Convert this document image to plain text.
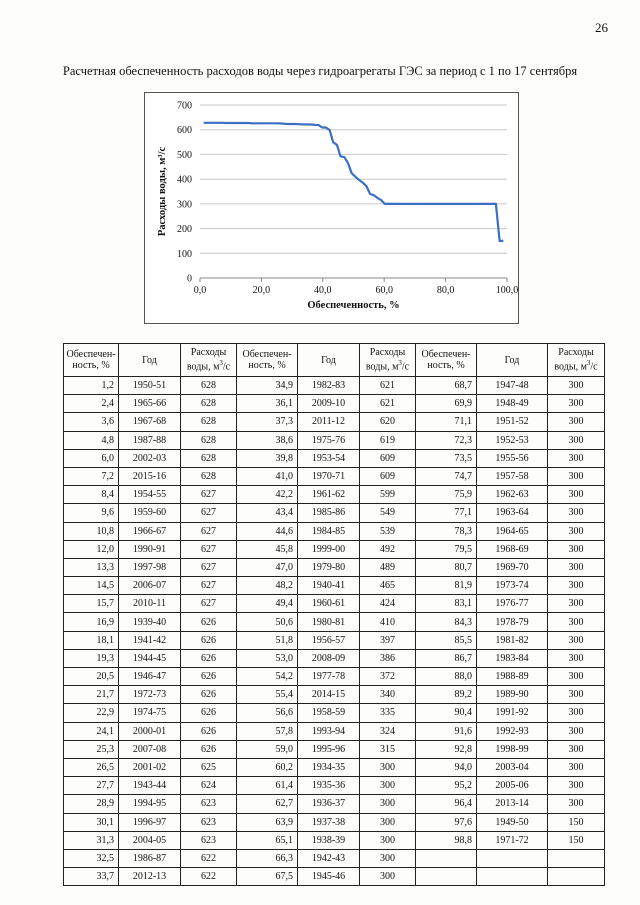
26
Расчетная обеспеченность расходов воды через гидроагрегаты ГЭС за период с 1 по 17 сентября
0
100
200
300
400
500
600
700
0,0	20,0	40,0	60,0	80,0	100,0
Обеспеченность, %
Расходы воды, м³/с
Обеспечен-ность, %	Год	Расходы воды, $м^3/с$	Обеспечен-ность, %	Год	Расходы воды, $м^3/с$	Обеспечен-ность, %	Год	Расходы воды, $м^3/с$
1,2	1950-51	628	34,9	1982-83	621	68,7	1947-48	300
2,4	1965-66	628	36,1	2009-10	621	69,9	1948-49	300
3,6	1967-68	628	37,3	2011-12	620	71,1	1951-52	300
4,8	1987-88	628	38,6	1975-76	619	72,3	1952-53	300
6,0	2002-03	628	39,8	1953-54	609	73,5	1955-56	300
7,2	2015-16	628	41,0	1970-71	609	74,7	1957-58	300
8,4	1954-55	627	42,2	1961-62	599	75,9	1962-63	300
9,6	1959-60	627	43,4	1985-86	549	77,1	1963-64	300
10,8	1966-67	627	44,6	1984-85	539	78,3	1964-65	300
12,0	1990-91	627	45,8	1999-00	492	79,5	1968-69	300
13,3	1997-98	627	47,0	1979-80	489	80,7	1969-70	300
14,5	2006-07	627	48,2	1940-41	465	81,9	1973-74	300
15,7	2010-11	627	49,4	1960-61	424	83,1	1976-77	300
16,9	1939-40	626	50,6	1980-81	410	84,3	1978-79	300
18,1	1941-42	626	51,8	1956-57	397	85,5	1981-82	300
19,3	1944-45	626	53,0	2008-09	386	86,7	1983-84	300
20,5	1946-47	626	54,2	1977-78	372	88,0	1988-89	300
21,7	1972-73	626	55,4	2014-15	340	89,2	1989-90	300
22,9	1974-75	626	56,6	1958-59	335	90,4	1991-92	300
24,1	2000-01	626	57,8	1993-94	324	91,6	1992-93	300
25,3	2007-08	626	59,0	1995-96	315	92,8	1998-99	300
26,5	2001-02	625	60,2	1934-35	300	94,0	2003-04	300
27,7	1943-44	624	61,4	1935-36	300	95,2	2005-06	300
28,9	1994-95	623	62,7	1936-37	300	96,4	2013-14	300
30,1	1996-97	623	63,9	1937-38	300	97,6	1949-50	150
31,3	2004-05	623	65,1	1938-39	300	98,8	1971-72	150
32,5	1986-87	622	66,3	1942-43	300			
33,7	2012-13	622	67,5	1945-46	300			
